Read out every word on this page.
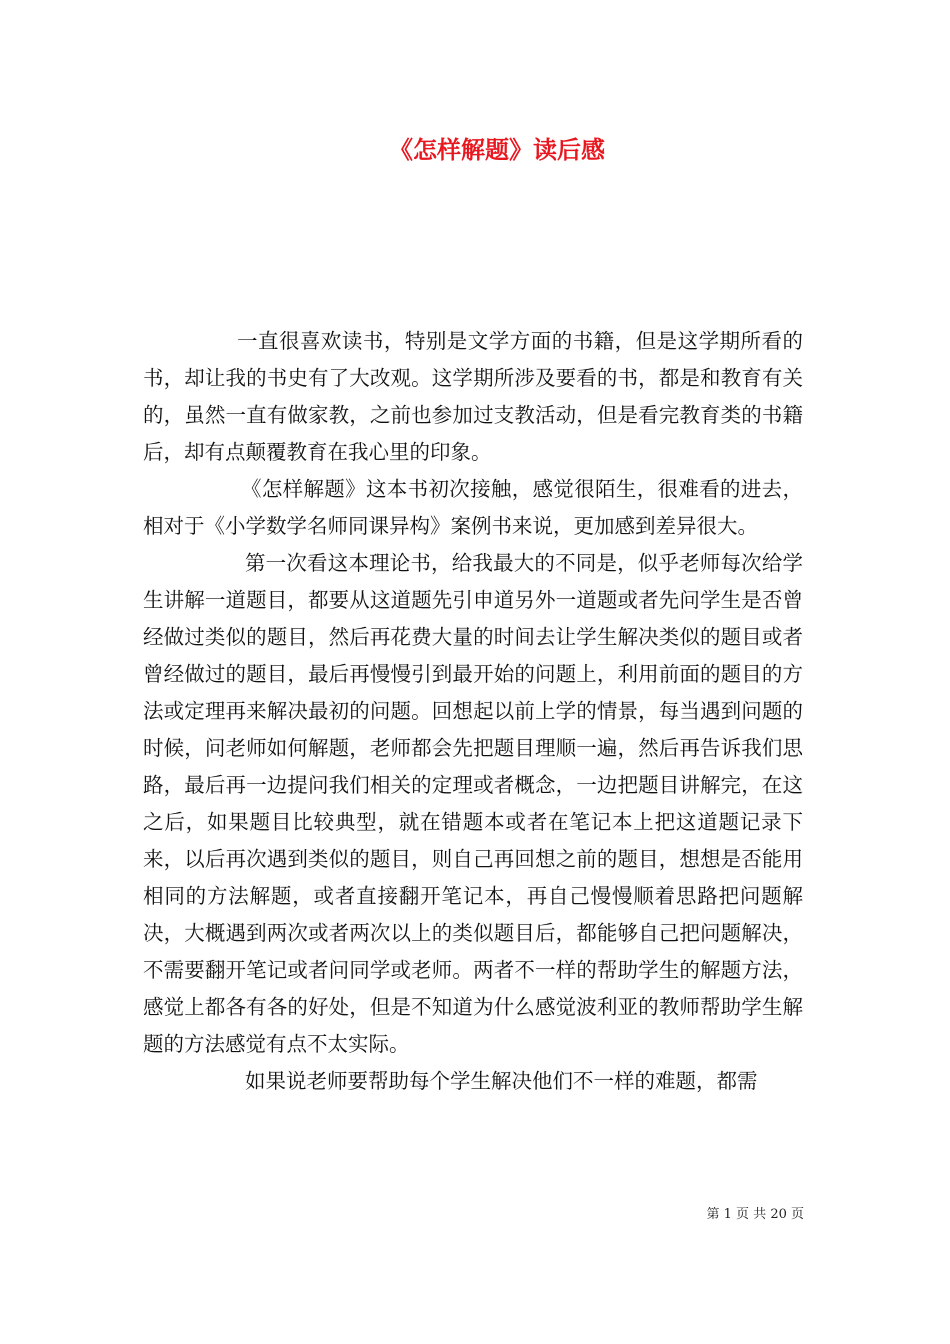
《怎样解题》读后感

一直很喜欢读书，特别是文学方面的书籍，但是这学期所看的书，却让我的书史有了大改观。这学期所涉及要看的书，都是和教育有关的，虽然一直有做家教，之前也参加过支教活动，但是看完教育类的书籍后，却有点颠覆教育在我心里的印象。

《怎样解题》这本书初次接触，感觉很陌生，很难看的进去，相对于《小学数学名师同课异构》案例书来说，更加感到差异很大。

第一次看这本理论书，给我最大的不同是，似乎老师每次给学生讲解一道题目，都要从这道题先引申道另外一道题或者先问学生是否曾经做过类似的题目，然后再花费大量的时间去让学生解决类似的题目或者曾经做过的题目，最后再慢慢引到最开始的问题上，利用前面的题目的方法或定理再来解决最初的问题。回想起以前上学的情景，每当遇到问题的时候，问老师如何解题，老师都会先把题目理顺一遍，然后再告诉我们思路，最后再一边提问我们相关的定理或者概念，一边把题目讲解完，在这之后，如果题目比较典型，就在错题本或者在笔记本上把这道题记录下来，以后再次遇到类似的题目，则自己再回想之前的题目，想想是否能用相同的方法解题，或者直接翻开笔记本，再自己慢慢顺着思路把问题解决，大概遇到两次或者两次以上的类似题目后，都能够自己把问题解决，不需要翻开笔记或者问同学或老师。两者不一样的帮助学生的解题方法，感觉上都各有各的好处，但是不知道为什么感觉波利亚的教师帮助学生解题的方法感觉有点不太实际。

如果说老师要帮助每个学生解决他们不一样的难题，都需

第 1 页 共 20 页
